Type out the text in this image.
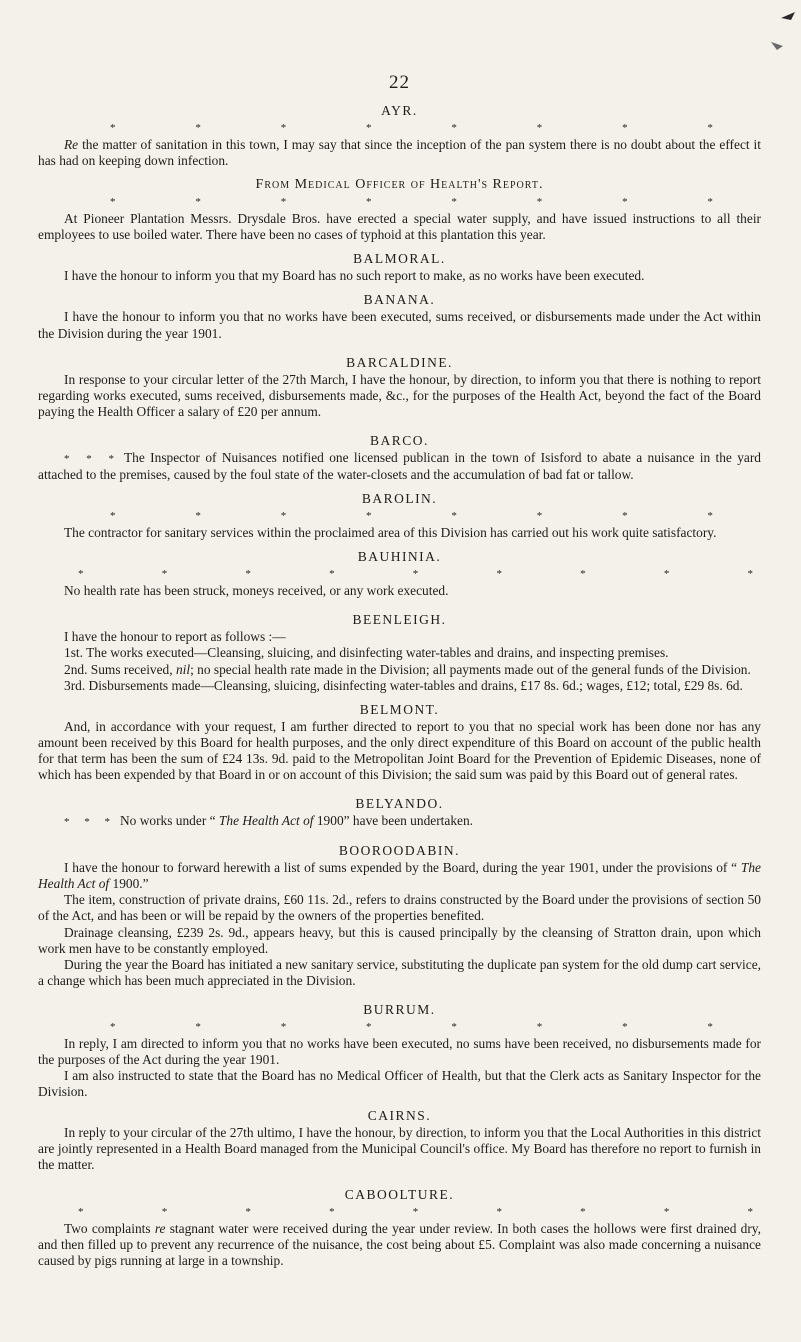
22
AYR.
*	*	*	*	*	*	*	*

Re the matter of sanitation in this town, I may say that since the inception of the pan system there is no doubt about the effect it has had on keeping down infection.

From Medical Officer of Health's Report.
*	*	*	*	*	*	*	*

At Pioneer Plantation Messrs. Drysdale Bros. have erected a special water supply, and have issued instructions to all their employees to use boiled water. There have been no cases of typhoid at this plantation this year.

BALMORAL.

I have the honour to inform you that my Board has no such report to make, as no works have been executed.

BANANA.

I have the honour to inform you that no works have been executed, sums received, or disbursements made under the Act within the Division during the year 1901.

BARCALDINE.

In response to your circular letter of the 27th March, I have the honour, by direction, to inform you that there is nothing to report regarding works executed, sums received, disbursements made, &c., for the purposes of the Health Act, beyond the fact of the Board paying the Health Officer a salary of £20 per annum.

BARCO.

* * * The Inspector of Nuisances notified one licensed publican in the town of Isisford to abate a nuisance in the yard attached to the premises, caused by the foul state of the water-closets and the accumulation of bad fat or tallow.

BAROLIN.
*	*	*	*	*	*	*	*

The contractor for sanitary services within the proclaimed area of this Division has carried out his work quite satisfactory.

BAUHINIA.
*	*	*	*	*	*	*	*	*

No health rate has been struck, moneys received, or any work executed.

BEENLEIGH.

I have the honour to report as follows :—

1st. The works executed—Cleansing, sluicing, and disinfecting water-tables and drains, and inspecting premises.

2nd. Sums received, nil; no special health rate made in the Division; all payments made out of the general funds of the Division.

3rd. Disbursements made—Cleansing, sluicing, disinfecting water-tables and drains, £17 8s. 6d.; wages, £12; total, £29 8s. 6d.

BELMONT.

And, in accordance with your request, I am further directed to report to you that no special work has been done nor has any amount been received by this Board for health purposes, and the only direct expenditure of this Board on account of the public health for that term has been the sum of £24 13s. 9d. paid to the Metropolitan Joint Board for the Prevention of Epidemic Diseases, none of which has been expended by that Board in or on account of this Division; the said sum was paid by this Board out of general rates.

BELYANDO.

* * * No works under “ The Health Act of 1900” have been undertaken.

BOOROODABIN.

I have the honour to forward herewith a list of sums expended by the Board, during the year 1901, under the provisions of “ The Health Act of 1900.”

The item, construction of private drains, £60 11s. 2d., refers to drains constructed by the Board under the provisions of section 50 of the Act, and has been or will be repaid by the owners of the properties benefited.

Drainage cleansing, £239 2s. 9d., appears heavy, but this is caused principally by the cleansing of Stratton drain, upon which work men have to be constantly employed.

During the year the Board has initiated a new sanitary service, substituting the duplicate pan system for the old dump cart service, a change which has been much appreciated in the Division.

BURRUM.
*	*	*	*	*	*	*	*

In reply, I am directed to inform you that no works have been executed, no sums have been received, no disbursements made for the purposes of the Act during the year 1901.

I am also instructed to state that the Board has no Medical Officer of Health, but that the Clerk acts as Sanitary Inspector for the Division.

CAIRNS.

In reply to your circular of the 27th ultimo, I have the honour, by direction, to inform you that the Local Authorities in this district are jointly represented in a Health Board managed from the Municipal Council's office. My Board has therefore no report to furnish in the matter.

CABOOLTURE.
*	*	*	*	*	*	*	*	*

Two complaints re stagnant water were received during the year under review. In both cases the hollows were first drained dry, and then filled up to prevent any recurrence of the nuisance, the cost being about £5. Complaint was also made concerning a nuisance caused by pigs running at large in a township.
